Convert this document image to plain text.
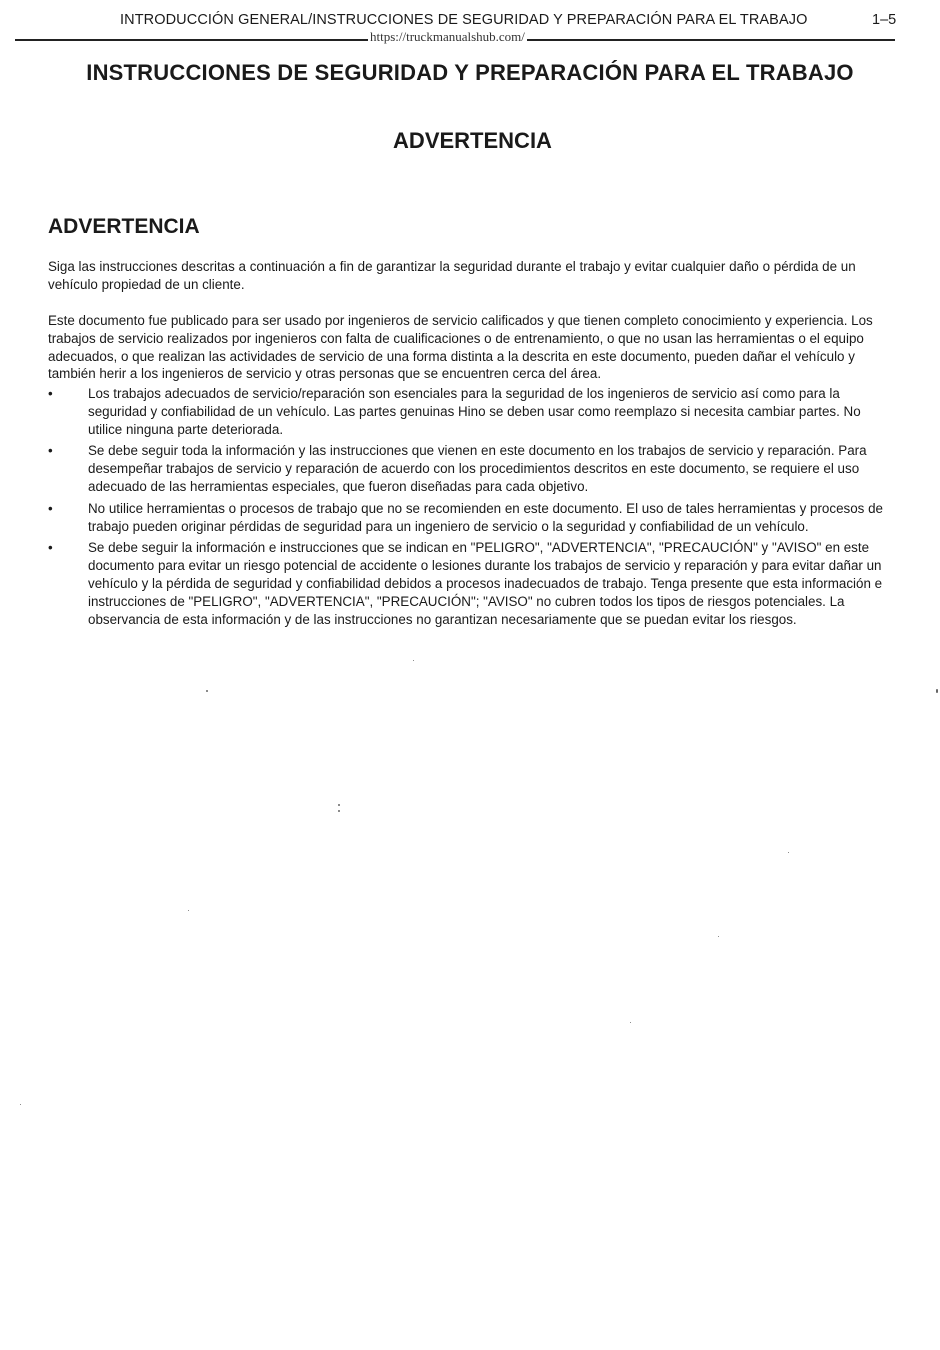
INTRODUCCIÓN GENERAL/INSTRUCCIONES DE SEGURIDAD Y PREPARACIÓN PARA EL TRABAJO	1–5
https://truckmanualshub.com/
INSTRUCCIONES DE SEGURIDAD Y PREPARACIÓN PARA EL TRABAJO
ADVERTENCIA
ADVERTENCIA

Siga las instrucciones descritas a continuación a fin de garantizar la seguridad durante el trabajo y evitar cualquier daño o pérdida de un vehículo propiedad de un cliente.

Este documento fue publicado para ser usado por ingenieros de servicio calificados y que tienen completo conocimiento y experiencia. Los trabajos de servicio realizados por ingenieros con falta de cualificaciones o de entrenamiento, o que no usan las herramientas o el equipo adecuados, o que realizan las actividades de servicio de una forma distinta a la descrita en este documento, pueden dañar el vehículo y también herir a los ingenieros de servicio y otras personas que se encuentren cerca del área.

•	Los trabajos adecuados de servicio/reparación son esenciales para la seguridad de los ingenieros de servicio así como para la seguridad y confiabilidad de un vehículo. Las partes genuinas Hino se deben usar como reemplazo si necesita cambiar partes. No utilice ninguna parte deteriorada.
•	Se debe seguir toda la información y las instrucciones que vienen en este documento en los trabajos de servicio y reparación. Para desempeñar trabajos de servicio y reparación de acuerdo con los procedimientos descritos en este documento, se requiere el uso adecuado de las herramientas especiales, que fueron diseñadas para cada objetivo.
•	No utilice herramientas o procesos de trabajo que no se recomienden en este documento. El uso de tales herramientas y procesos de trabajo pueden originar pérdidas de seguridad para un ingeniero de servicio o la seguridad y confiabilidad de un vehículo.
•	Se debe seguir la información e instrucciones que se indican en "PELIGRO", "ADVERTENCIA", "PRECAUCIÓN" y "AVISO" en este documento para evitar un riesgo potencial de accidente o lesiones durante los trabajos de servicio y reparación y para evitar dañar un vehículo y la pérdida de seguridad y confiabilidad debidos a procesos inadecuados de trabajo. Tenga presente que esta información e instrucciones de "PELIGRO", "ADVERTENCIA", "PRECAUCIÓN"; "AVISO" no cubren todos los tipos de riesgos potenciales. La observancia de esta información y de las instrucciones no garantizan necesariamente que se puedan evitar los riesgos.
